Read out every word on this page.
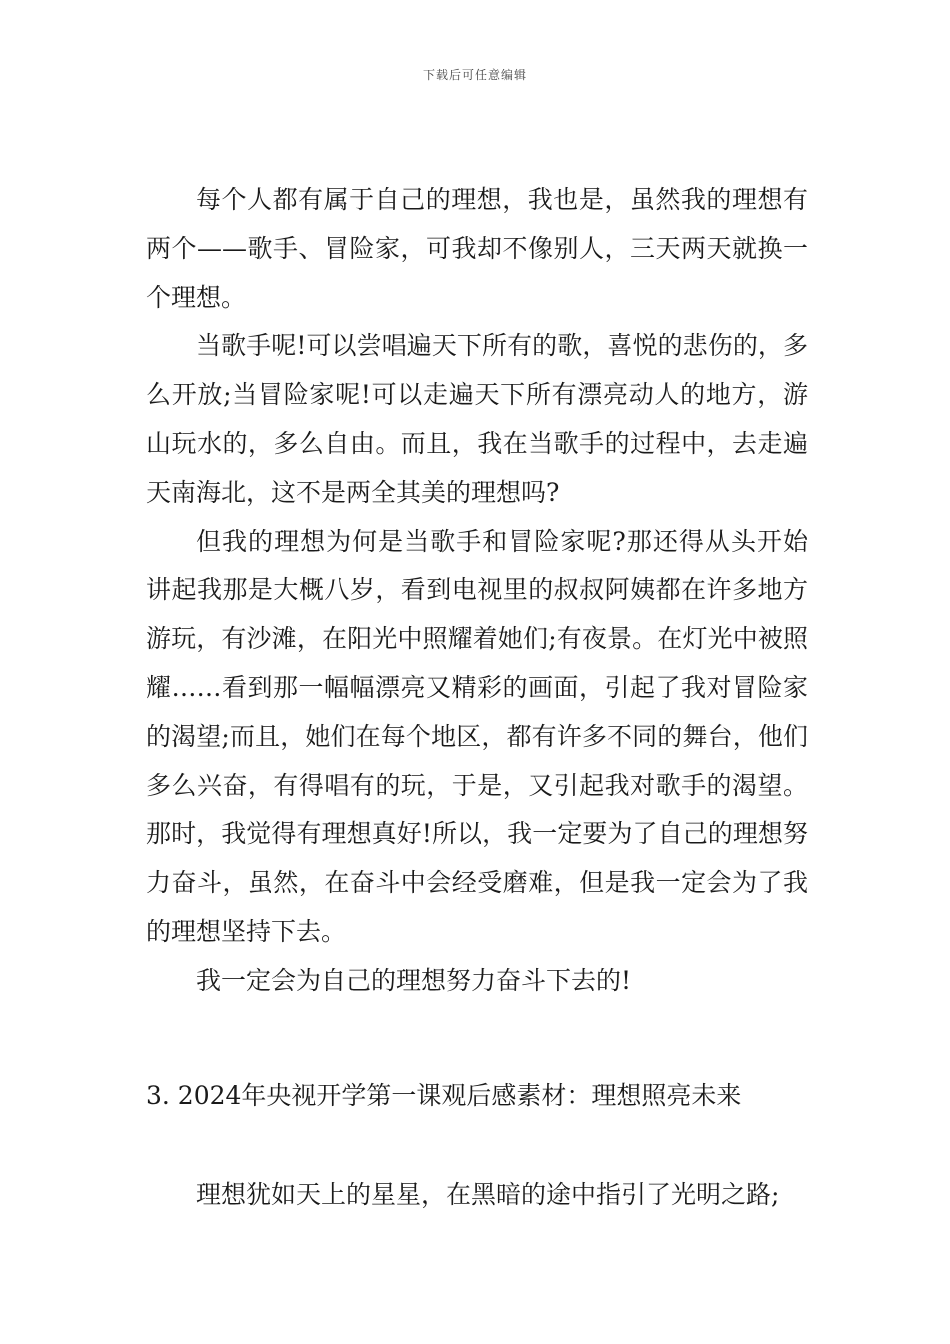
下载后可任意编辑

每个人都有属于自己的理想，我也是，虽然我的理想有两个——歌手、冒险家，可我却不像别人，三天两天就换一个理想。

当歌手呢!可以尝唱遍天下所有的歌，喜悦的悲伤的，多么开放;当冒险家呢!可以走遍天下所有漂亮动人的地方，游山玩水的，多么自由。而且，我在当歌手的过程中，去走遍天南海北，这不是两全其美的理想吗?

但我的理想为何是当歌手和冒险家呢?那还得从头开始讲起我那是大概八岁，看到电视里的叔叔阿姨都在许多地方游玩，有沙滩，在阳光中照耀着她们;有夜景。在灯光中被照耀……看到那一幅幅漂亮又精彩的画面，引起了我对冒险家的渴望;而且，她们在每个地区，都有许多不同的舞台，他们多么兴奋，有得唱有的玩，于是，又引起我对歌手的渴望。那时，我觉得有理想真好!所以，我一定要为了自己的理想努力奋斗，虽然，在奋斗中会经受磨难，但是我一定会为了我的理想坚持下去。

我一定会为自己的理想努力奋斗下去的!

3. 2024年央视开学第一课观后感素材：理想照亮未来
理想犹如天上的星星，在黑暗的途中指引了光明之路;
